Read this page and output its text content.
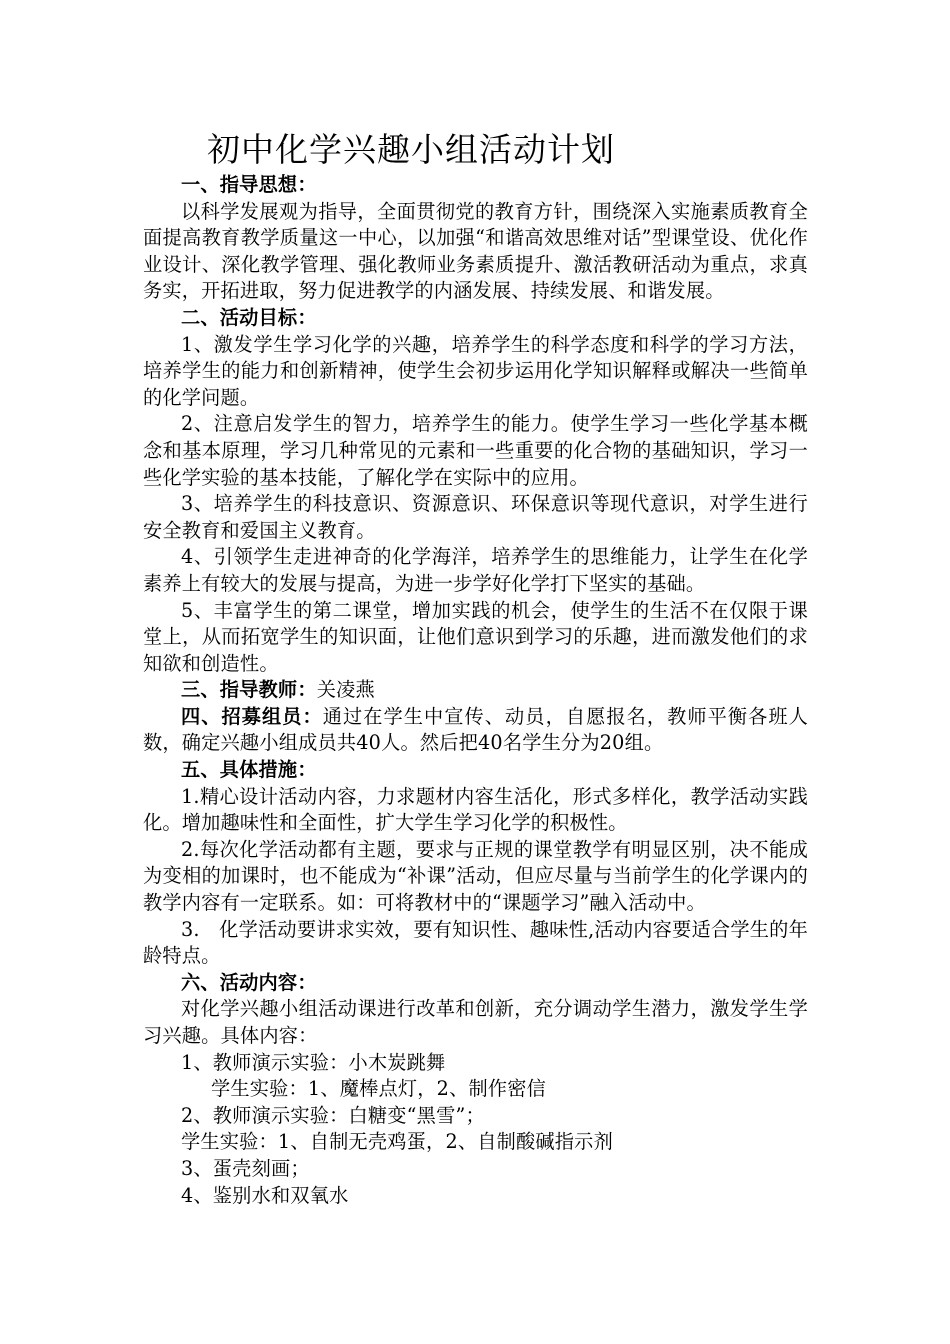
初中化学兴趣小组活动计划

一、指导思想：

以科学发展观为指导，全面贯彻党的教育方针，围绕深入实施素质教育全面提高教育教学质量这一中心，以加强“和谐高效思维对话”型课堂设、优化作业设计、深化教学管理、强化教师业务素质提升、激活教研活动为重点，求真务实，开拓进取，努力促进教学的内涵发展、持续发展、和谐发展。

二、活动目标：

1、激发学生学习化学的兴趣，培养学生的科学态度和科学的学习方法，培养学生的能力和创新精神，使学生会初步运用化学知识解释或解决一些简单的化学问题。

2、注意启发学生的智力，培养学生的能力。使学生学习一些化学基本概念和基本原理，学习几种常见的元素和一些重要的化合物的基础知识，学习一些化学实验的基本技能，了解化学在实际中的应用。

3、培养学生的科技意识、资源意识、环保意识等现代意识，对学生进行安全教育和爱国主义教育。

4、引领学生走进神奇的化学海洋，培养学生的思维能力，让学生在化学素养上有较大的发展与提高，为进一步学好化学打下坚实的基础。

5、丰富学生的第二课堂，增加实践的机会，使学生的生活不在仅限于课堂上，从而拓宽学生的知识面，让他们意识到学习的乐趣，进而激发他们的求知欲和创造性。

三、指导教师：关凌燕

四、招募组员：通过在学生中宣传、动员，自愿报名，教师平衡各班人数，确定兴趣小组成员共40人。然后把40名学生分为20组。

五、具体措施：

1.精心设计活动内容，力求题材内容生活化，形式多样化，教学活动实践化。增加趣味性和全面性，扩大学生学习化学的积极性。

2.每次化学活动都有主题，要求与正规的课堂教学有明显区别，决不能成为变相的加课时，也不能成为“补课”活动，但应尽量与当前学生的化学课内的教学内容有一定联系。如：可将教材中的“课题学习”融入活动中。

3.　化学活动要讲求实效，要有知识性、趣味性,活动内容要适合学生的年龄特点。

六、活动内容：

对化学兴趣小组活动课进行改革和创新，充分调动学生潜力，激发学生学习兴趣。具体内容：

1、教师演示实验：小木炭跳舞

学生实验：1、魔棒点灯，2、制作密信

2、教师演示实验：白糖变“黑雪”；

学生实验：1、自制无壳鸡蛋，2、自制酸碱指示剂

3、蛋壳刻画；

4、鉴别水和双氧水
